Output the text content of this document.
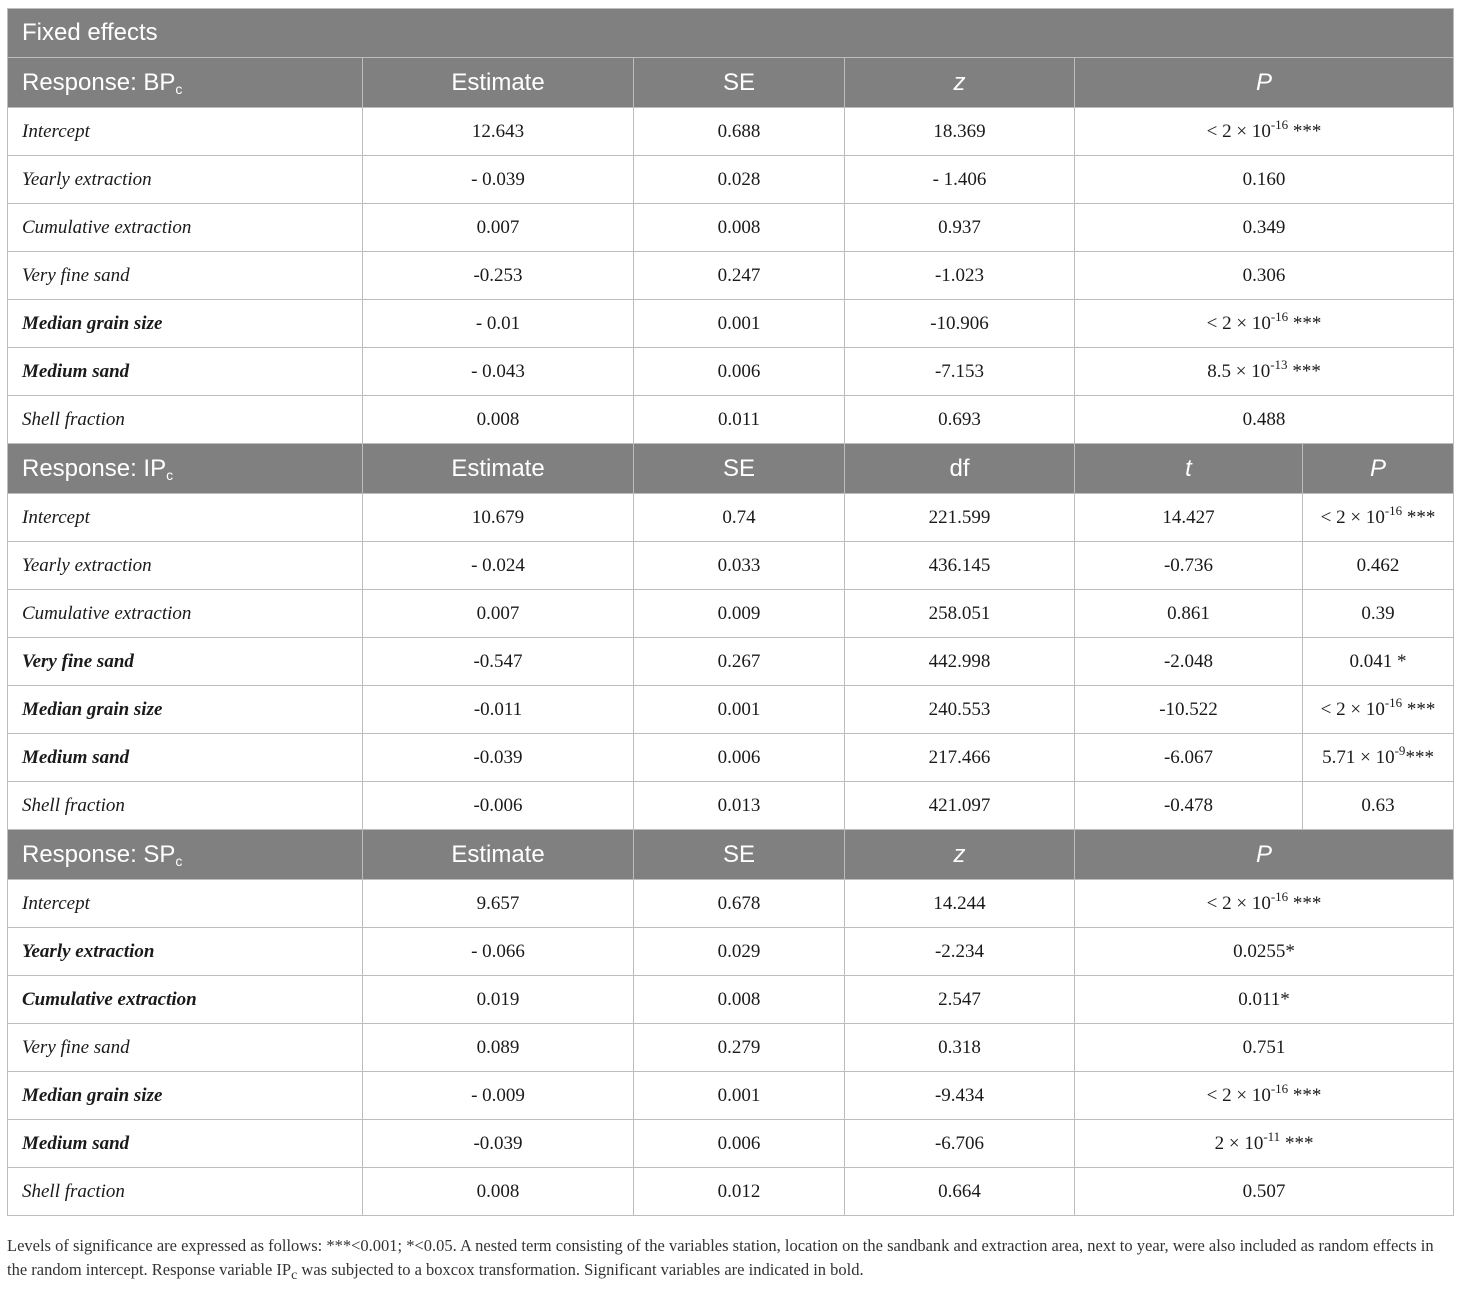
Fixed effects					
Response: $BP_c$	Estimate	SE	z	P	
Intercept	12.643	0.688	18.369	< $2 \times 10^{-16}$ ***	
Yearly extraction	- 0.039	0.028	- 1.406	0.160	
Cumulative extraction	0.007	0.008	0.937	0.349	
Very fine sand	-0.253	0.247	-1.023	0.306	
Median grain size	- 0.01	0.001	-10.906	< $2 \times 10^{-16}$ ***	
Medium sand	- 0.043	0.006	-7.153	$8.5 \times 10^{-13}$ ***	
Shell fraction	0.008	0.011	0.693	0.488	
Response: $IP_c$	Estimate	SE	df	t	P
Intercept	10.679	0.74	221.599	14.427	< $2 \times 10^{-16}$ ***
Yearly extraction	- 0.024	0.033	436.145	-0.736	0.462
Cumulative extraction	0.007	0.009	258.051	0.861	0.39
Very fine sand	-0.547	0.267	442.998	-2.048	0.041 *
Median grain size	-0.011	0.001	240.553	-10.522	< $2 \times 10^{-16}$ ***
Medium sand	-0.039	0.006	217.466	-6.067	$5.71 \times 10^{-9}***$
Shell fraction	-0.006	0.013	421.097	-0.478	0.63
Response: $SP_c$	Estimate	SE	z	P	
Intercept	9.657	0.678	14.244	< $2 \times 10^{-16}$ ***	
Yearly extraction	- 0.066	0.029	-2.234	0.0255*	
Cumulative extraction	0.019	0.008	2.547	0.011*	
Very fine sand	0.089	0.279	0.318	0.751	
Median grain size	- 0.009	0.001	-9.434	< $2 \times 10^{-16}$ ***	
Medium sand	-0.039	0.006	-6.706	$2 \times 10^{-11}$ ***	
Shell fraction	0.008	0.012	0.664	0.507	

Levels of significance are expressed as follows: ***<0.001; *<0.05. A nested term consisting of the variables station, location on the sandbank and extraction area, next to year, were also included as random effects in the random intercept. Response variable $IP_c$ was subjected to a boxcox transformation. Significant variables are indicated in bold.
